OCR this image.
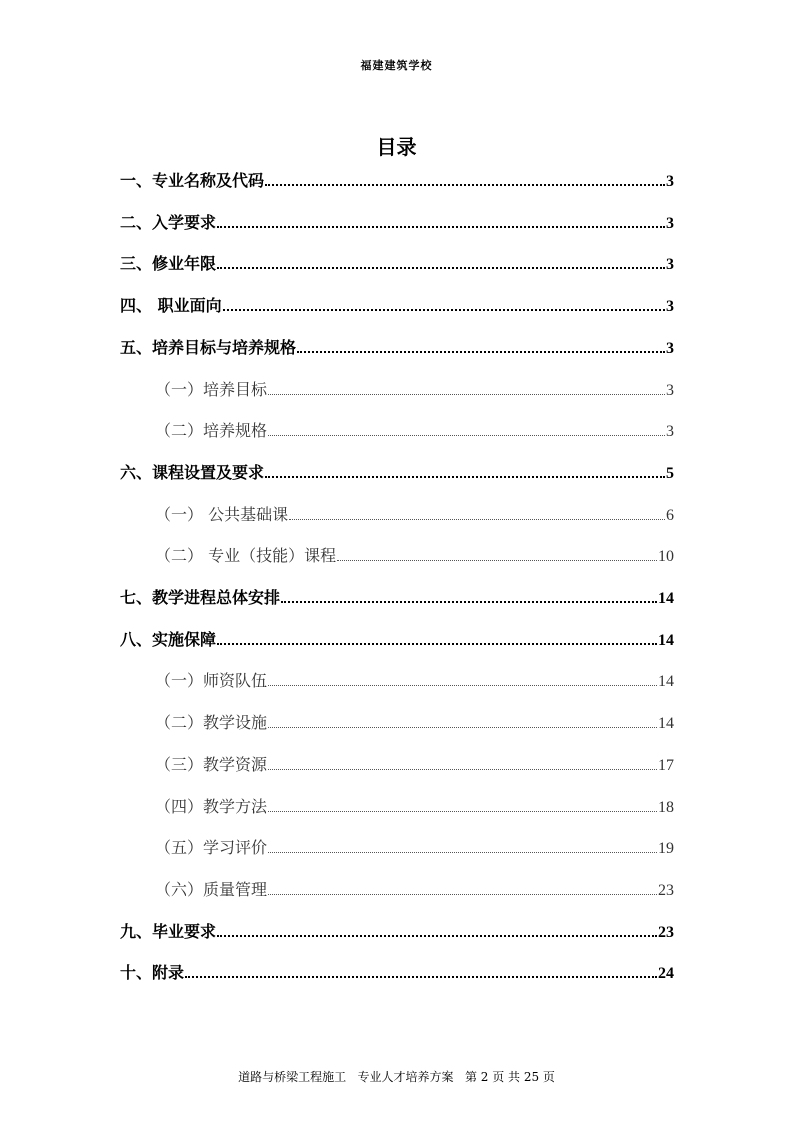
福建建筑学校
目录
一、专业名称及代码	3
二、入学要求	3
三、修业年限	3
四、 职业面向	3
五、培养目标与培养规格	3
（一）培养目标	3
（二）培养规格	3
六、课程设置及要求	5
（一） 公共基础课	6
（二） 专业（技能）课程	10
七、教学进程总体安排	14
八、实施保障	14
（一）师资队伍	14
（二）教学设施	14
（三）教学资源	17
（四）教学方法	18
（五）学习评价	19
（六）质量管理	23
九、毕业要求	23
十、附录	24
道路与桥梁工程施工   专业人才培养方案   第 2 页 共 25 页
